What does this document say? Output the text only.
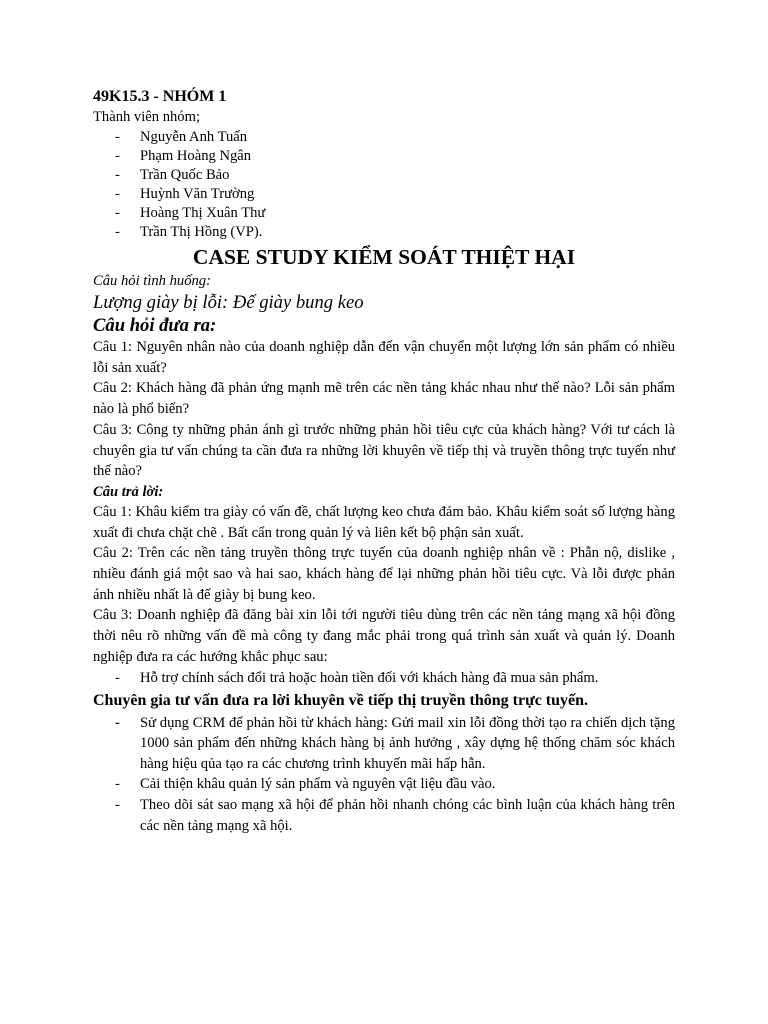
49K15.3 - NHÓM 1

Thành viên nhóm;

- Nguyễn Anh Tuấn
- Phạm Hoàng Ngân
- Trần Quốc Bảo
- Huỳnh Văn Trường
- Hoàng Thị Xuân Thư
- Trần Thị Hồng (VP).

CASE STUDY KIỂM SOÁT THIỆT HẠI

Câu hỏi tình huống:

Lượng giày bị lỗi: Đế giày bung keo

Câu hỏi đưa ra:

Câu 1: Nguyên nhân nào của doanh nghiệp dẫn đến vận chuyển một lượng lớn sản phẩm có nhiều lỗi sản xuất?

Câu 2: Khách hàng đã phản ứng mạnh mẽ trên các nền tảng khác nhau như thế nào? Lỗi sản phẩm nào là phổ biến?

Câu 3: Công ty những phản ánh gì trước những phản hồi tiêu cực của khách hàng? Với tư cách là chuyên gia tư vấn chúng ta cần đưa ra những lời khuyên về tiếp thị và truyền thông trực tuyến như thế nào?

Câu trả lời:

Câu 1: Khâu kiểm tra giày có vấn đề, chất lượng keo chưa đảm bảo. Khâu kiểm soát số lượng hàng xuất đi chưa chặt chẽ . Bất cẩn trong quản lý và liên kết bộ phận sản xuất.

Câu 2: Trên các nền tảng truyền thông trực tuyến của doanh nghiệp nhân về : Phẫn nộ, dislike , nhiều đánh giá một sao và hai sao, khách hàng để lại những phản hồi tiêu cực. Và lỗi được phản ánh nhiều nhất là đế giày bị bung keo.

Câu 3: Doanh nghiệp đã đăng bài xin lỗi tới người tiêu dùng trên các nền tảng mạng xã hội đồng thời nêu rõ những vấn đề mà công ty đang mắc phải trong quá trình sản xuất và quản lý. Doanh nghiệp đưa ra các hướng khắc phục sau:

- Hỗ trợ chính sách đổi trả hoặc hoàn tiền đối với khách hàng đã mua sản phẩm.

Chuyên gia tư vấn đưa ra lời khuyên về tiếp thị truyền thông trực tuyến.

- Sử dụng CRM để phản hồi từ khách hàng: Gửi mail xin lỗi đồng thời tạo ra chiến dịch tặng 1000 sản phẩm đến những khách hàng bị ảnh hưởng , xây dựng hệ thống chăm sóc khách hàng hiệu qủa tạo ra các chương trình khuyến mãi hấp hẫn.
- Cải thiện khâu quản lý sản phẩm và nguyên vật liệu đầu vào.
- Theo dõi sát sao mạng xã hội để phản hồi nhanh chóng các bình luận của khách hàng trên các nền tảng mạng xã hội.
